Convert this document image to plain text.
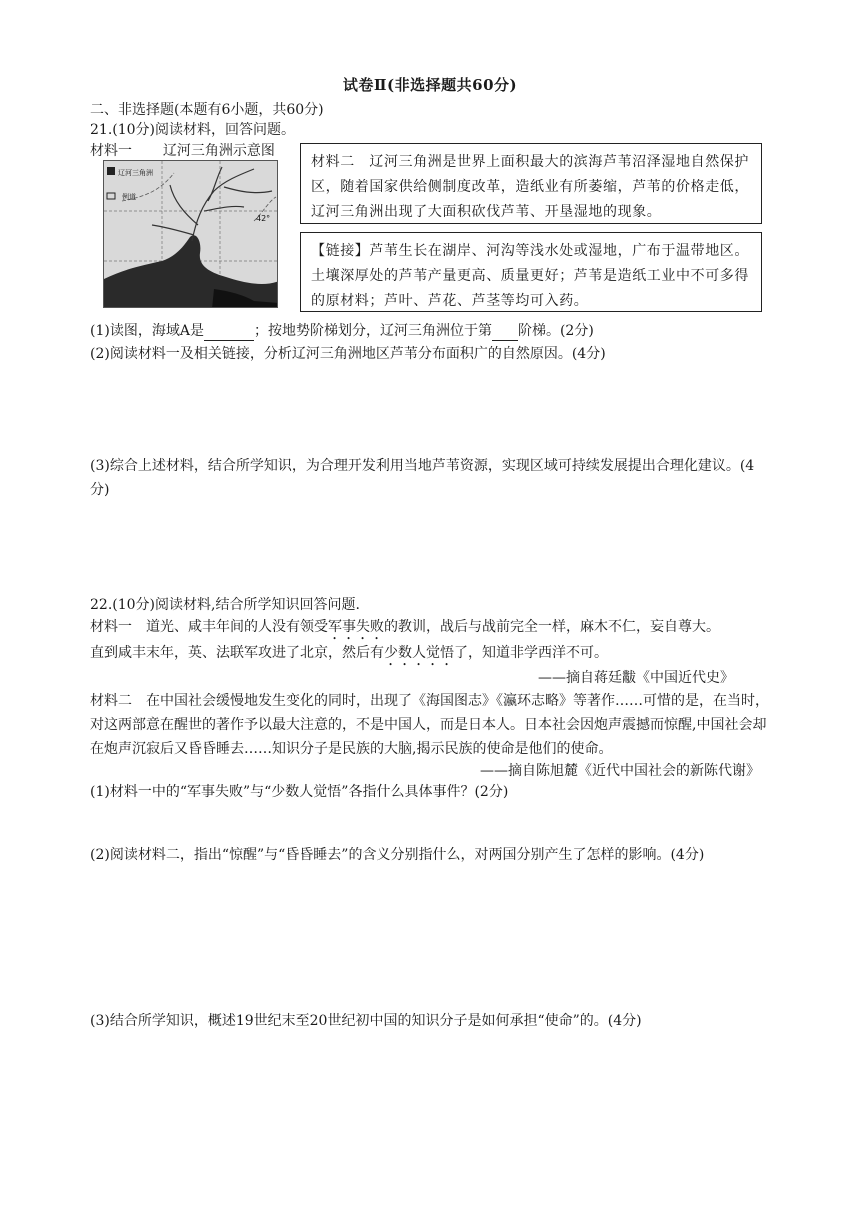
试卷Ⅱ(非选择题共60分)
二、非选择题(本题有6小题，共60分)
21.(10分)阅读材料，回答问题。
材料一 辽河三角洲示意图
辽河三角洲
例道
42°
材料二　辽河三角洲是世界上面积最大的滨海芦苇沼泽湿地自然保护区，随着国家供给侧制度改革，造纸业有所萎缩，芦苇的价格走低，辽河三角洲出现了大面积砍伐芦苇、开垦湿地的现象。
【链接】芦苇生长在湖岸、河沟等浅水处或湿地，广布于温带地区。土壤深厚处的芦苇产量更高、质量更好；芦苇是造纸工业中不可多得的原材料；芦叶、芦花、芦茎等均可入药。
(1)读图，海域A是	；按地势阶梯划分，辽河三角洲位于第 阶梯。(2分)
(2)阅读材料一及相关链接，分析辽河三角洲地区芦苇分布面积广的自然原因。(4分)
(3)综合上述材料，结合所学知识，为合理开发利用当地芦苇资源，实现区域可持续发展提出合理化建议。(4分)
22.(10分)阅读材料,结合所学知识回答问题.
材料一　道光、咸丰年间的人没有领受军事失败的教训，战后与战前完全一样，麻木不仁，妄自尊大。
直到咸丰末年，英、法联军攻进了北京，然后有少数人觉悟了，知道非学西洋不可。
——摘自蒋廷黻《中国近代史》
材料二　在中国社会缓慢地发生变化的同时，出现了《海国图志》《瀛环志略》等著作……可惜的是，在当时，对这两部意在醒世的著作予以最大注意的，不是中国人，而是日本人。日本社会因炮声震撼而惊醒,中国社会却在炮声沉寂后又昏昏睡去……知识分子是民族的大脑,揭示民族的使命是他们的使命。
——摘自陈旭麓《近代中国社会的新陈代谢》
(1)材料一中的“军事失败”与“少数人觉悟”各指什么具体事件？(2分)
(2)阅读材料二，指出“惊醒”与“昏昏睡去”的含义分别指什么，对两国分别产生了怎样的影响。(4分)
(3)结合所学知识，概述19世纪末至20世纪初中国的知识分子是如何承担“使命”的。(4分)
